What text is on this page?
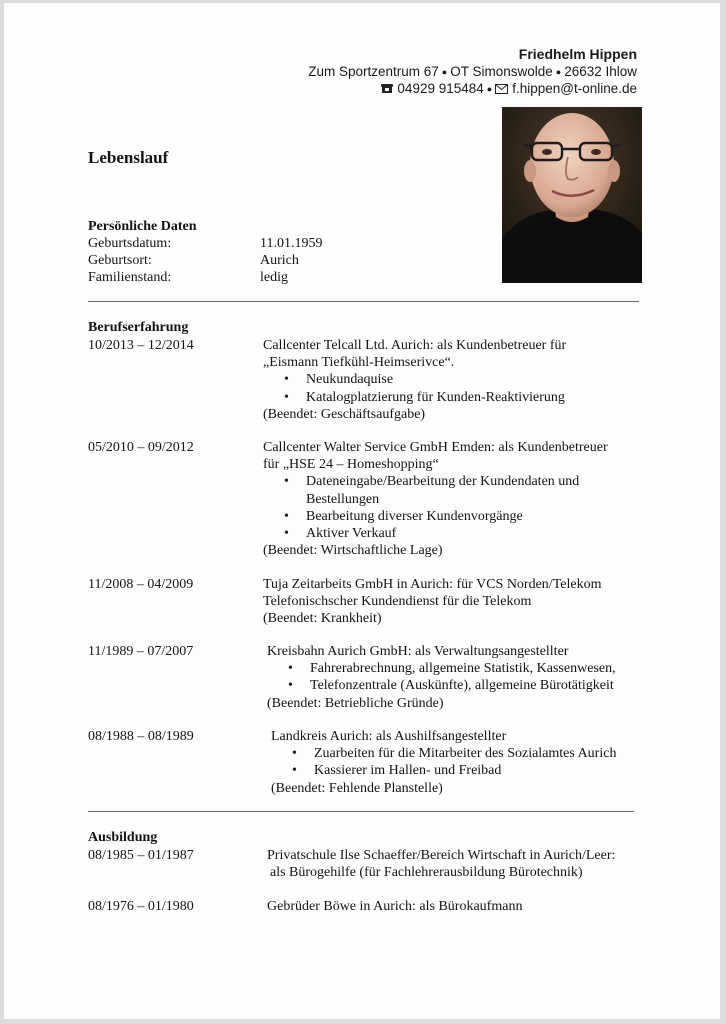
Friedhelm Hippen
Zum Sportzentrum 67 ● OT Simonswolde ● 26632 Ihlow
04929 915484 ● f.hippen@t-online.de
Lebenslauf
Persönliche Daten
Geburtsdatum:	11.01.1959
Geburtsort:	Aurich
Familienstand:	ledig
Berufserfahrung
10/2013 – 12/2014	Callcenter Telcall Ltd. Aurich: als Kundenbetreuer für
„Eismann Tiefkühl-Heimserivce“.
• Neukundaquise
• Katalogplatzierung für Kunden-Reaktivierung
(Beendet: Geschäftsaufgabe)
05/2010 – 09/2012	Callcenter Walter Service GmbH Emden: als Kundenbetreuer
für „HSE 24 – Homeshopping“
• Dateneingabe/Bearbeitung der Kundendaten und
Bestellungen
• Bearbeitung diverser Kundenvorgänge
• Aktiver Verkauf
(Beendet: Wirtschaftliche Lage)
11/2008 – 04/2009	Tuja Zeitarbeits GmbH in Aurich: für VCS Norden/Telekom
Telefonischscher Kundendienst für die Telekom
(Beendet: Krankheit)
11/1989 – 07/2007	Kreisbahn Aurich GmbH: als Verwaltungsangestellter
• Fahrerabrechnung, allgemeine Statistik, Kassenwesen,
• Telefonzentrale (Auskünfte), allgemeine Bürotätigkeit
(Beendet: Betriebliche Gründe)
08/1988 – 08/1989	Landkreis Aurich: als Aushilfsangestellter
• Zuarbeiten für die Mitarbeiter des Sozialamtes Aurich
• Kassierer im Hallen- und Freibad
(Beendet: Fehlende Planstelle)
Ausbildung
08/1985 – 01/1987	Privatschule Ilse Schaeffer/Bereich Wirtschaft in Aurich/Leer:
als Bürogehilfe (für Fachlehrerausbildung Bürotechnik)
08/1976 – 01/1980	Gebrüder Böwe in Aurich: als Bürokaufmann
